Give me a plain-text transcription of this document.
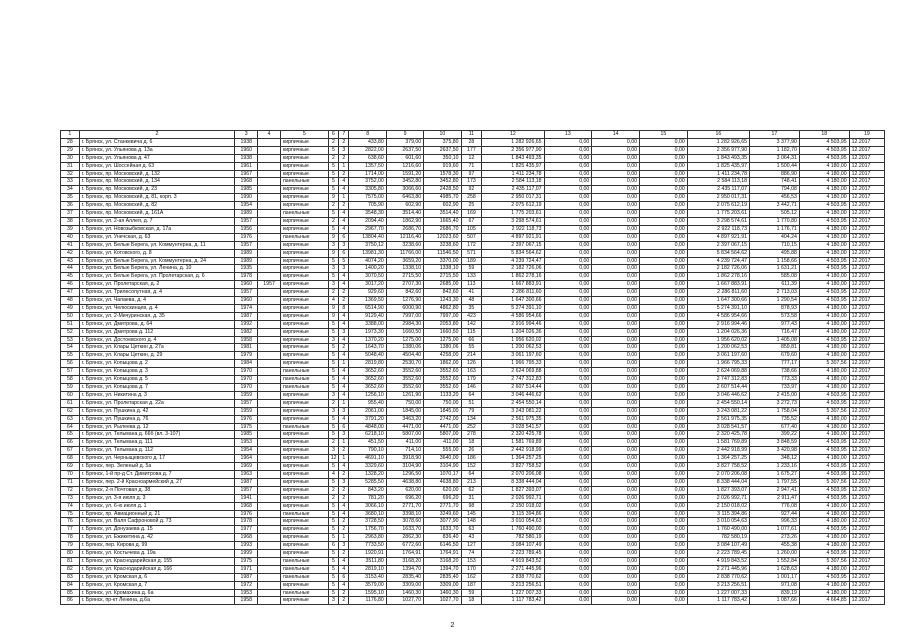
1	2	3	4	5	6	7	8	9	10	11	12	13	14	15	16	17	18	19
28	г. Брянск, ул. Станкевича д. 6	1938		кирпичные	2	2	433,80	379,00	375,80	28	1 282 926,65	0,00	0,00	0,00	1 282 926,65	3 377,90	4 503,95	12.2017
29	г. Брянск, ул. Ульянова д. 13а	1960		кирпичные	5	3	2822,00	2637,50	2637,50	177	2 356 977,90	0,00	0,00	0,00	2 356 977,90	1 182,70	4 503,95	12.2017
30	г. Брянск, ул. Ульянова д. 47	1938		кирпичные	2	2	638,60	601,60	350,10	12	1 843 493,35	0,00	0,00	0,00	1 843 493,35	3 064,31	4 503,95	12.2017
31	г. Брянск, ул. Шоссейная д. 63	1961		кирпичные	5	1	1357,50	1216,60	919,60	71	1 825 435,97	0,00	0,00	0,00	1 825 435,97	1 500,44	4 180,00	12.2017
32	г. Брянск, пр. Московский, д. 132	1967		кирпичные	5	2	1714,00	1591,20	1578,30	97	1 411 234,78	0,00	0,00	0,00	1 411 234,78	886,90	4 180,00	12.2017
33	г. Брянск, пр. Московский, д. 134	1968		панельные	5	4	3752,00	3452,80	3452,80	173	2 584 113,18	0,00	0,00	0,00	2 584 113,18	748,41	4 180,00	12.2017
34	г. Брянск, пр. Московский, д. 23	1985		кирпичные	5	4	3305,80	3066,60	2428,50	92	2 435 117,07	0,00	0,00	0,00	2 435 117,07	794,08	4 180,00	12.2017
35	г. Брянск, пр. Московский, д. 81, корп. 3	1990		кирпичные	9	1	7575,00	6463,80	4985,70	258	2 950 017,31	0,00	0,00	0,00	2 950 017,31	456,53	4 180,00	12.2017
36	г. Брянск, пр. Московский, д. 82	1954		кирпичные	2	2	705,90	602,90	602,90	25	2 075 612,19	0,00	0,00	0,00	2 075 612,19	3 442,71	4 503,95	12.2017
37	г. Брянск, пр. Московский, д. 161А	1989		панельные	5	4	3548,30	3514,40	3514,40	169	1 775 203,61	0,00	0,00	0,00	1 775 203,61	505,12	4 180,00	12.2017
38	г. Брянск, ул. 2-ая Аллея, д. 7	1957		кирпичные	2	4	2094,40	1862,90	1665,40	67	3 298 574,61	0,00	0,00	0,00	3 298 574,61	1 770,80	4 503,95	12.2017
39	г. Брянск, ул. Новозыбковская, д. 17а	1956		кирпичные	5	4	2967,70	2686,70	2686,70	105	2 922 118,73	0,00	0,00	0,00	2 922 118,73	1 176,71	4 180,00	12.2017
40	г. Брянск, ул. Унечская, д. 63	1976		панельные	9	6	13804,40	12116,40	12023,60	507	4 897 921,91	0,00	0,00	0,00	4 897 921,91	404,24	4 180,00	12.2017
41	г. Брянск, ул. Белые Берега, ул. Коммунтерна, д. 11	1957		кирпичные	3	3	3750,12	3238,60	3238,60	172	2 397 067,15	0,00	0,00	0,00	2 397 067,15	710,15	4 180,00	12.2017
42	г. Брянск, ул. Котовского, д. 8	1989		кирпичные	9	6	13981,30	11766,00	11546,50	571	5 834 564,62	0,00	0,00	0,00	5 834 564,62	495,88	4 180,00	12.2017
43	г. Брянск, ул. Белые Берега, ул. Коммунтерна, д. 24	1989		кирпичные	5	5	4074,20	3659,20	3370,00	189	4 239 724,47	0,00	0,00	0,00	4 239 724,47	1 158,66	4 503,95	12.2017
44	г. Брянск, ул. Белые Берега, ул. Ленина, д. 10	1935		кирпичные	3	3	1400,20	1338,10	1338,10	59	2 182 726,06	0,00	0,00	0,00	2 182 726,06	1 631,21	4 503,95	12.2017
45	г. Брянск, ул. Белые Берега, ул. Пролетарская, д. 6	1978		кирпичные	5	4	3070,50	2715,50	2715,50	133	1 862 278,16	0,00	0,00	0,00	1 862 278,16	585,08	4 180,00	12.2017
46	г. Брянск, ул. Пролетарская, д. 2	1960	1957	кирпичные	3	4	3017,20	2707,30	2685,00	113	1 667 883,91	0,00	0,00	0,00	1 667 883,91	611,39	4 180,00	12.2017
47	г. Брянск, ул. Трилесопутная, д. 4	1957		кирпичные	2	2	929,60	842,60	842,60	41	2 286 811,60	0,00	0,00	0,00	2 286 811,60	2 713,03	4 503,95	12.2017
48	г. Брянск, ул. Чапаева, д. 4	1960		кирпичные	4	2	1369,50	1276,90	1243,30	48	1 647 300,66	0,00	0,00	0,00	1 647 300,66	1 290,54	4 503,95	12.2017
49	г. Брянск, ул. Челюскинцев, д. 4	1974		кирпичные	9	8	6514,90	6000,90	4862,80	35	5 274 391,10	0,00	0,00	0,00	5 274 391,10	878,93	4 180,00	12.2017
50	г. Брянск, ул. 2-Мичуринская, д. 35	1987		кирпичные	9	4	9129,40	7997,00	7997,00	423	4 586 954,66	0,00	0,00	0,00	4 586 954,66	573,58	4 180,00	12.2017
51	г. Брянск, ул. Дмитрова, д. 64	1992		кирпичные	5	4	3388,00	2984,30	2053,80	142	2 916 994,46	0,00	0,00	0,00	2 916 994,46	977,43	4 180,00	12.2017
52	г. Брянск, ул. Дмитрова д. 112	1982		кирпичные	5	3	1973,30	1660,50	1660,50	115	1 204 026,36	0,00	0,00	0,00	1 204 026,36	716,47	4 180,00	12.2017
53	г. Брянск, ул. Достоевского д. 4	1958		кирпичные	3	4	1370,20	1275,00	1275,00	66	1 956 620,02	0,00	0,00	0,00	1 956 620,02	1 405,08	4 503,95	12.2017
54	г. Брянск, ул. Клары Цеткин д. 27а	1981		кирпичные	5	2	1643,70	1380,06	1380,06	55	1 200 062,53	0,00	0,00	0,00	1 200 062,53	859,81	4 180,00	12.2017
55	г. Брянск, ул. Клары Цеткин, д. 29	1979		кирпичные	5	4	5048,40	4504,40	4258,00	214	3 061 197,60	0,00	0,00	0,00	3 061 197,60	679,60	4 180,00	12.2017
56	г. Брянск, ул. Копыцова д. 2	1984		кирпичные	5	1	2819,80	2530,70	1862,00	126	1 966 795,33	0,00	0,00	0,00	1 966 795,33	777,17	5 307,56	12.2017
57	г. Брянск, ул. Копыцова д. 3	1970		панельные	5	4	3652,60	3552,60	3552,60	163	2 624 069,88	0,00	0,00	0,00	2 624 069,88	738,66	4 180,00	12.2017
58	г. Брянск, ул. Копыцова д. 5	1970		панельные	5	4	3652,60	3552,60	3552,60	179	2 747 312,83	0,00	0,00	0,00	2 747 312,83	773,33	4 180,00	12.2017
59	г. Брянск, ул. Копыцова д. 7	1970		панельные	5	4	3652,60	3552,60	3552,60	146	2 607 514,44	0,00	0,00	0,00	2 607 514,44	733,97	4 180,00	12.2017
60	г. Брянск, ул. Никитина д. 3	1959		кирпичные	3	4	1256,10	1261,90	1133,20	64	3 046 446,62	0,00	0,00	0,00	3 046 446,62	2 415,00	4 503,95	12.2017
61	г. Брянск, ул. Пролетарская д. 22а	1957		кирпичные	2	1	955,40	750,00	750,00	51	2 454 550,14	0,00	0,00	0,00	2 454 550,14	3 272,73	4 503,95	12.2017
62	г. Брянск, ул. Пушкина д. 42	1959		кирпичные	3	3	2061,00	1845,00	1845,00	79	3 243 081,22	0,00	0,00	0,00	3 243 081,22	1 758,04	5 307,56	12.2017
63	г. Брянск, ул. Пушкина д. 76	1976		кирпичные	5	4	3791,20	3463,20	2742,00	134	2 561 975,35	0,00	0,00	0,00	2 561 975,35	735,52	4 180,00	12.2017
64	г. Брянск, ул. Рылеева д. 12	1975		панельные	5	6	4848,00	4471,00	4471,00	252	3 028 541,57	0,00	0,00	0,00	3 028 541,57	677,40	4 180,00	12.2017
65	г. Брянск, ул. Тельмана д. 66б (вл. 3-107)	1985		кирпичные	5	3	6218,10	5807,00	5807,00	278	2 320 425,78	0,00	0,00	0,00	2 320 425,78	399,22	4 180,00	12.2017
66	г. Брянск, ул. Тельмана д. 111	1953		кирпичные	2	1	451,50	411,00	411,00	18	1 581 769,89	0,00	0,00	0,00	1 581 769,89	3 848,59	4 503,95	12.2017
67	г. Брянск, ул. Тельмана д. 112	1954		кирпичные	3	2	790,10	714,10	555,00	26	2 442 918,99	0,00	0,00	0,00	2 442 918,99	3 420,98	4 503,95	12.2017
68	г. Брянск, ул. Черныщевского д. 17	1964		кирпичные	12	1	4691,10	3918,90	3640,00	186	1 364 257,25	0,00	0,00	0,00	1 364 257,25	348,12	4 180,00	12.2017
69	г. Брянск, пер. Зеленый д. 5а	1969		кирпичные	5	4	3329,60	3104,90	3104,90	152	3 827 758,52	0,00	0,00	0,00	3 827 758,52	1 233,16	4 503,95	12.2017
70	г. Брянск, 1-й пр-д Ст. Димитрова д. 7	1963		кирпичные	4	2	1328,20	1296,50	1070,17	64	2 070 206,08	0,00	0,00	0,00	2 070 206,08	1 675,27	4 503,95	12.2017
71	г. Брянск, пер. 2-й Красноармейский д. 27	1987		кирпичные	5	3	5285,50	4638,80	4638,80	213	8 338 444,04	0,00	0,00	0,00	8 338 444,04	1 797,55	5 307,56	12.2017
72	г. Брянск, 2-я Почтовая д. 38	1957		кирпичные	2	2	843,20	620,00	620,00	62	1 827 393,07	0,00	0,00	0,00	1 827 393,07	2 947,41	4 503,95	12.2017
73	г. Брянск, ул. 3-я июля д. 3	1941		кирпичные	2	2	781,20	696,20	696,20	31	2 026 992,71	0,00	0,00	0,00	2 026 992,71	2 911,47	4 503,95	12.2017
74	г. Брянск, ул. 6-ю июля д. 1	1968		кирпичные	5	4	3066,10	2771,70	2771,70	98	2 150 018,02	0,00	0,00	0,00	2 150 018,02	776,08	4 180,00	12.2017
75	г. Брянск, пр. Авиационный д. 21	1976		панельные	5	4	3680,10	3398,10	3249,60	145	3 115 394,86	0,00	0,00	0,00	3 115 394,86	927,44	4 180,00	12.2017
76	г. Брянск, ул. Валя Сафроновой д. 73	1978		кирпичные	5	2	3728,50	3078,60	3077,90	148	3 010 054,63	0,00	0,00	0,00	3 010 054,63	996,33	4 180,00	12.2017
77	г. Брянск, ул. Донузаева д. 15	1977		кирпичные	5	2	1756,70	1633,70	1633,70	63	1 760 490,00	0,00	0,00	0,00	1 760 490,00	1 077,61	4 503,95	12.2017
78	г. Брянск, ул. Ежикетина д. 42	1968		кирпичные	5	1	2963,80	2862,30	836,40	43	782 580,19	0,00	0,00	0,00	782 580,19	273,26	4 180,00	12.2017
79	г. Брянск, пер. Кирова д. 99	1993		кирпичные	6	3	7733,50	6772,60	6146,50	127	3 084 107,49	0,00	0,00	0,00	3 084 107,49	455,38	4 180,00	12.2017
80	г. Брянск, ул. Костычева д. 19а	1999		кирпичные	5	2	1920,91	1764,91	1764,91	74	2 223 789,45	0,00	0,00	0,00	2 223 789,45	1 260,00	4 503,95	12.2017
81	г. Брянск, ул. Краснодарийская д. 155	1975		панельные	5	4	3511,80	3168,20	3168,20	153	4 919 843,52	0,00	0,00	0,00	4 919 843,52	1 552,84	5 307,56	12.2017
82	г. Брянск, ул. Краснодарийская д. 166	1971		панельные	5	4	2819,10	1394,70	1394,70	170	2 271 445,96	0,00	0,00	0,00	2 271 445,96	1 628,63	4 180,00	12.2017
83	г. Брянск, ул. Кромская д. 6	1987		панельные	5	6	3153,40	2835,40	2835,40	162	2 838 770,62	0,00	0,00	0,00	2 838 770,62	1 001,17	4 503,95	12.2017
84	г. Брянск, ул. Кромская д. 7	1972		кирпичные	5	4	3579,00	3309,00	3309,00	187	3 213 256,51	0,00	0,00	0,00	3 213 256,51	971,08	4 180,00	12.2017
85	г. Брянск, ул. Кромахина д. 6а	1953		панельные	5	2	1595,10	1460,30	1460,30	59	1 227 007,33	0,00	0,00	0,00	1 227 007,33	839,19	4 180,00	12.2017
86	г. Брянск, пр-кт Ленина, д.6а	1958		кирпичные	3	2	1176,80	1027,70	1027,70	18	1 117 783,42	0,00	0,00	0,00	1 117 783,42	1 087,66	4 664,85	12.2017
2
